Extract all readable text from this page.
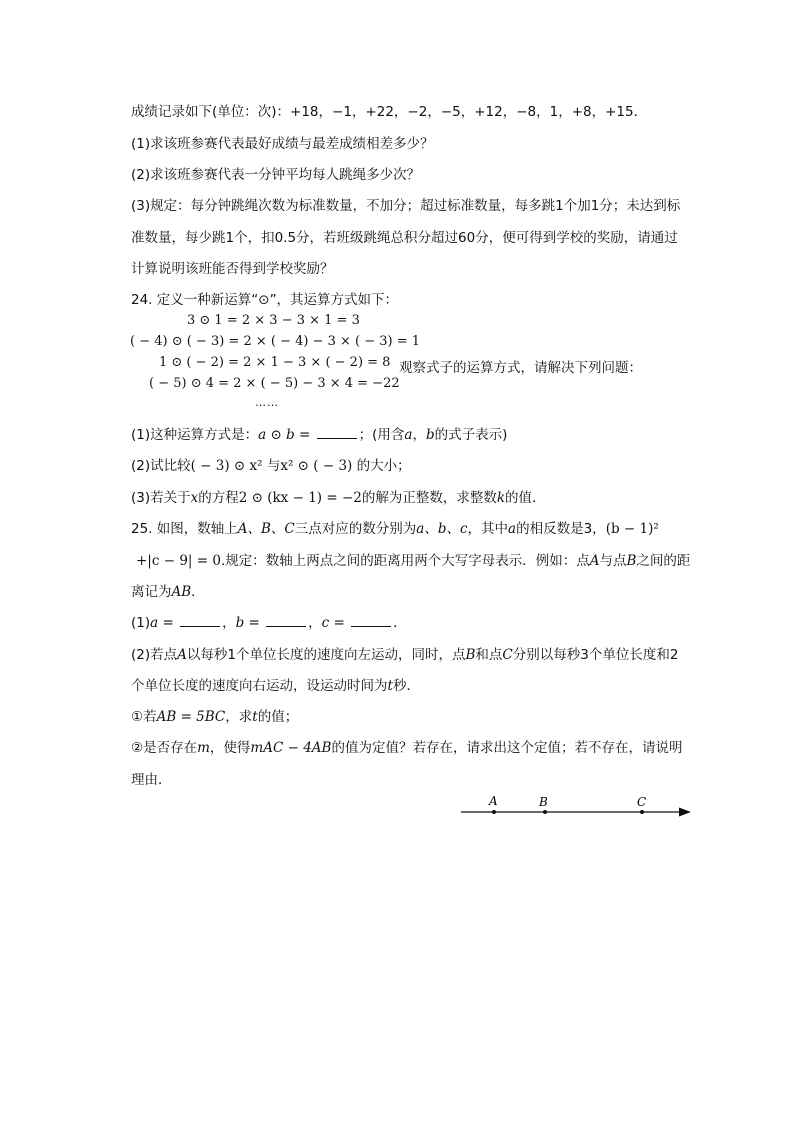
成绩记录如下(单位：次)：+18，−1，+22，−2，−5，+12，−8，1，+8，+15．
(1)求该班参赛代表最好成绩与最差成绩相差多少？
(2)求该班参赛代表一分钟平均每人跳绳多少次？
(3)规定：每分钟跳绳次数为标准数量，不加分；超过标准数量，每多跳1个加1分；未达到标
准数量，每少跳1个，扣0.5分，若班级跳绳总积分超过60分，便可得到学校的奖励，请通过
计算说明该班能否得到学校奖励？
24. 定义一种新运算“⊙”，其运算方式如下：
3 ⊙ 1 = 2 × 3 − 3 × 1 = 3
( − 4) ⊙ ( − 3) = 2 × ( − 4) − 3 × ( − 3) = 1
1 ⊙ ( − 2) = 2 × 1 − 3 × ( − 2) = 8
( − 5) ⊙ 4 = 2 × ( − 5) − 3 × 4 = −22
……
观察式子的运算方式，请解决下列问题：
(1)这种运算方式是：a ⊙ b =	；(用含a，b的式子表示)
(2)试比较( − 3) ⊙ x² 与x² ⊙ ( − 3) 的大小；
(3)若关于x的方程2 ⊙ (kx − 1) = −2的解为正整数，求整数k的值．
25. 如图，数轴上A、B、C三点对应的数分别为a、b、c，其中a的相反数是3，(b − 1)²
+|c − 9| = 0.规定：数轴上两点之间的距离用两个大写字母表示．例如：点A与点B之间的距
离记为AB．
(1)a =	，b =	，c =	．
(2)若点A以每秒1个单位长度的速度向左运动，同时，点B和点C分别以每秒3个单位长度和2
个单位长度的速度向右运动，设运动时间为t秒．
①若AB = 5BC，求t的值；
②是否存在m，使得mAC − 4AB的值为定值？若存在，请求出这个定值；若不存在，请说明
理由．
A	B	C
